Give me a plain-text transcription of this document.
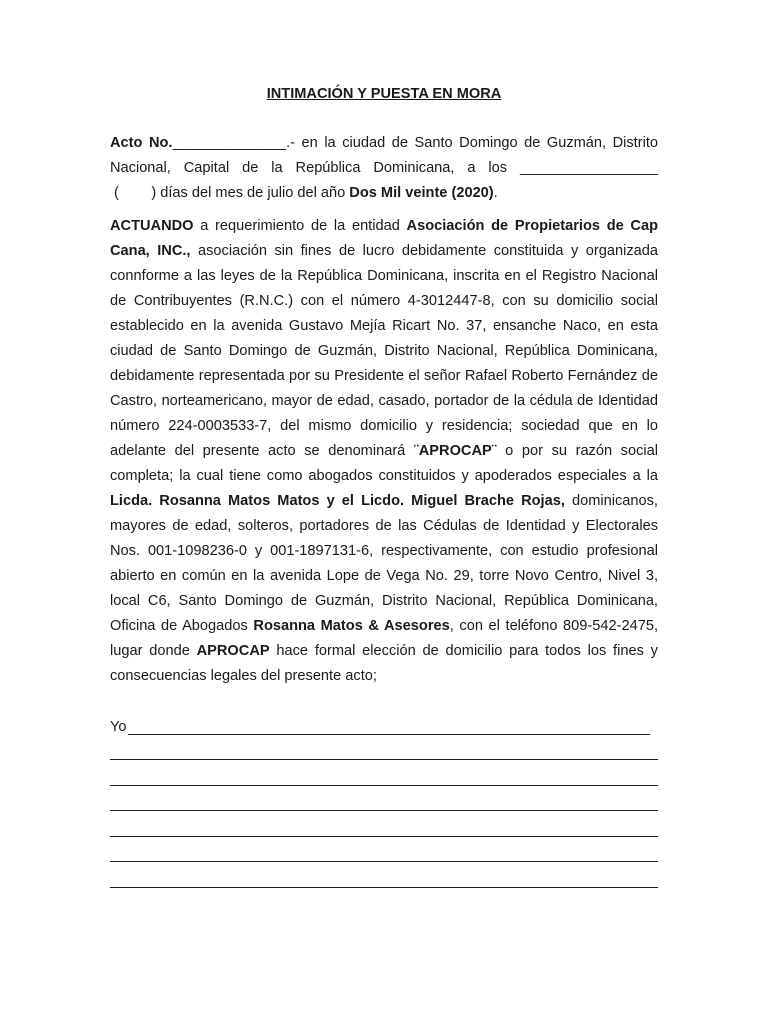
INTIMACIÓN Y PUESTA EN MORA

Acto No.______________.- en la ciudad de Santo Domingo de Guzmán, Distrito Nacional, Capital de la República Dominicana, a los _________________ (        ) días del mes de julio del año Dos Mil veinte (2020).

ACTUANDO a requerimiento de la entidad Asociación de Propietarios de Cap Cana, INC., asociación sin fines de lucro debidamente constituida y organizada connforme a las leyes de la República Dominicana, inscrita en el Registro Nacional de Contribuyentes (R.N.C.) con el número 4-3012447-8, con su domicilio social establecido en la avenida Gustavo Mejía Ricart No. 37, ensanche Naco, en esta ciudad de Santo Domingo de Guzmán, Distrito Nacional, República Dominicana, debidamente representada por su Presidente el señor Rafael Roberto Fernández de Castro, norteamericano, mayor de edad, casado, portador de la cédula de Identidad número 224-0003533-7, del mismo domicilio y residencia; sociedad que en lo adelante del presente acto se denominará ¨APROCAP¨ o por su razón social completa; la cual tiene como abogados constituidos y apoderados especiales a la Licda. Rosanna Matos Matos y el Licdo. Miguel Brache Rojas, dominicanos, mayores de edad, solteros, portadores de las Cédulas de Identidad y Electorales Nos. 001-1098236-0 y 001-1897131-6, respectivamente, con estudio profesional abierto en común en la avenida Lope de Vega No. 29, torre Novo Centro, Nivel 3, local C6, Santo Domingo de Guzmán, Distrito Nacional, República Dominicana, Oficina de Abogados Rosanna Matos & Asesores, con el teléfono 809-542-2475, lugar donde APROCAP hace formal elección de domicilio para todos los fines y consecuencias legales del presente acto;

Yo
